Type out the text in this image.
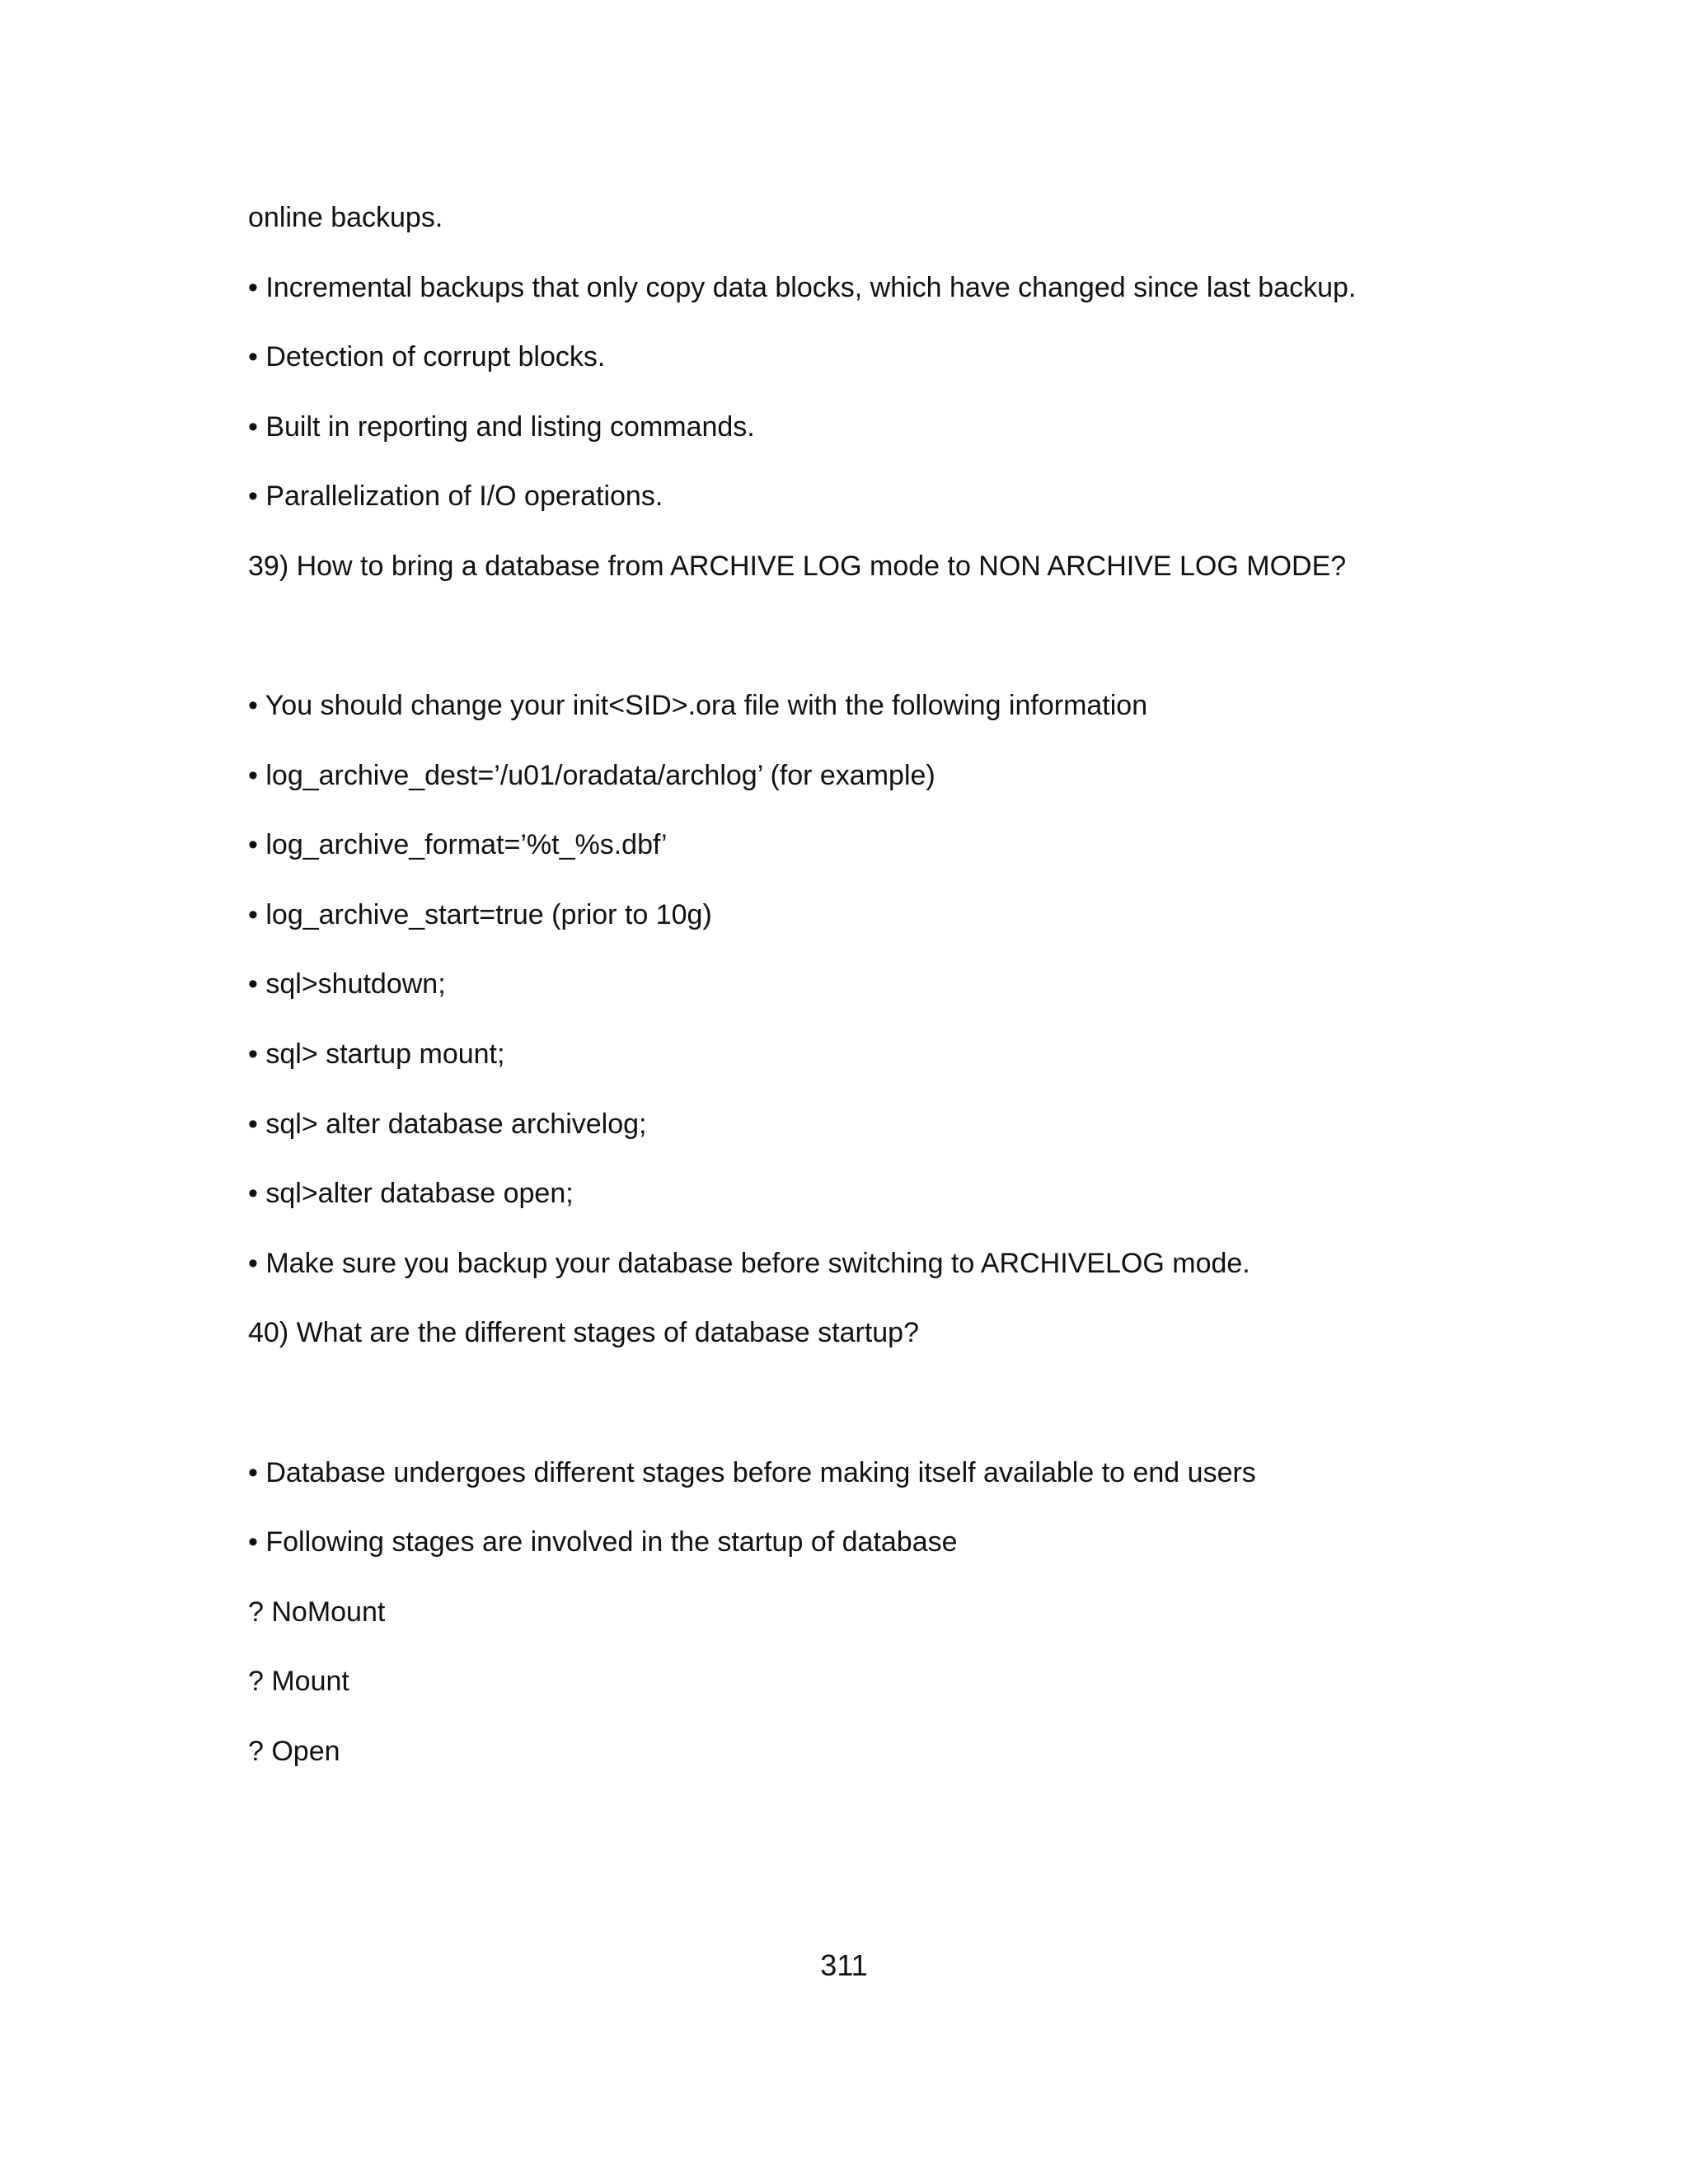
online backups.

• Incremental backups that only copy data blocks, which have changed since last backup.

• Detection of corrupt blocks.

• Built in reporting and listing commands.

• Parallelization of I/O operations.

39) How to bring a database from ARCHIVE LOG mode to NON ARCHIVE LOG MODE?

• You should change your init<SID>.ora file with the following information

• log_archive_dest=’/u01/oradata/archlog’ (for example)

• log_archive_format=’%t_%s.dbf’

• log_archive_start=true (prior to 10g)

• sql>shutdown;

• sql> startup mount;

• sql> alter database archivelog;

• sql>alter database open;

• Make sure you backup your database before switching to ARCHIVELOG mode.

40) What are the different stages of database startup?

• Database undergoes different stages before making itself available to end users

• Following stages are involved in the startup of database

? NoMount

? Mount

? Open

311
